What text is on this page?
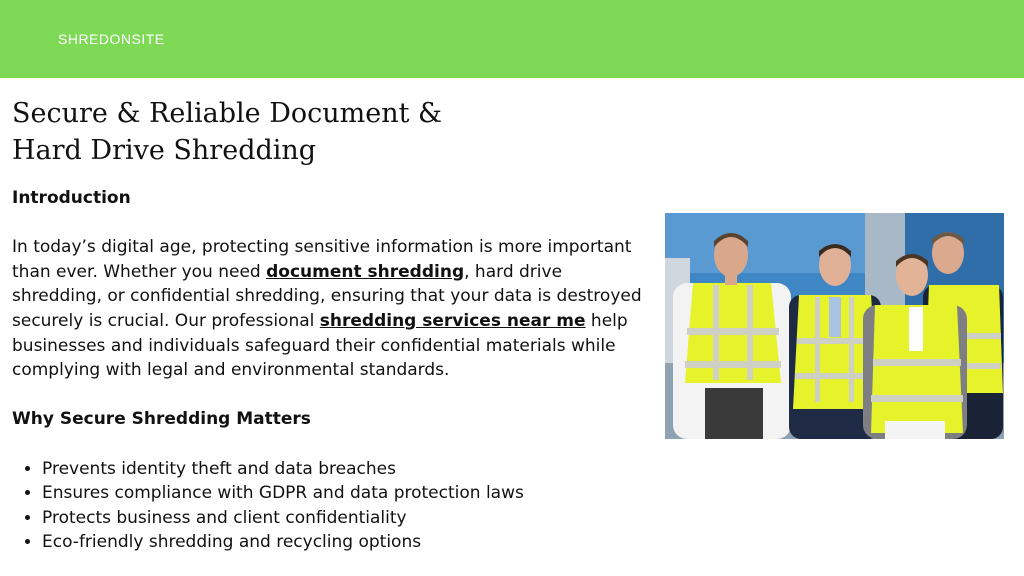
SHREDONSITE
Secure & Reliable Document & Hard Drive Shredding
Introduction

In today’s digital age, protecting sensitive information is more important than ever. Whether you need document shredding, hard drive shredding, or confidential shredding, ensuring that your data is destroyed securely is crucial. Our professional shredding services near me help businesses and individuals safeguard their confidential materials while complying with legal and environmental standards.

Why Secure Shredding Matters
• Prevents identity theft and data breaches
• Ensures compliance with GDPR and data protection laws
• Protects business and client confidentiality
• Eco-friendly shredding and recycling options
